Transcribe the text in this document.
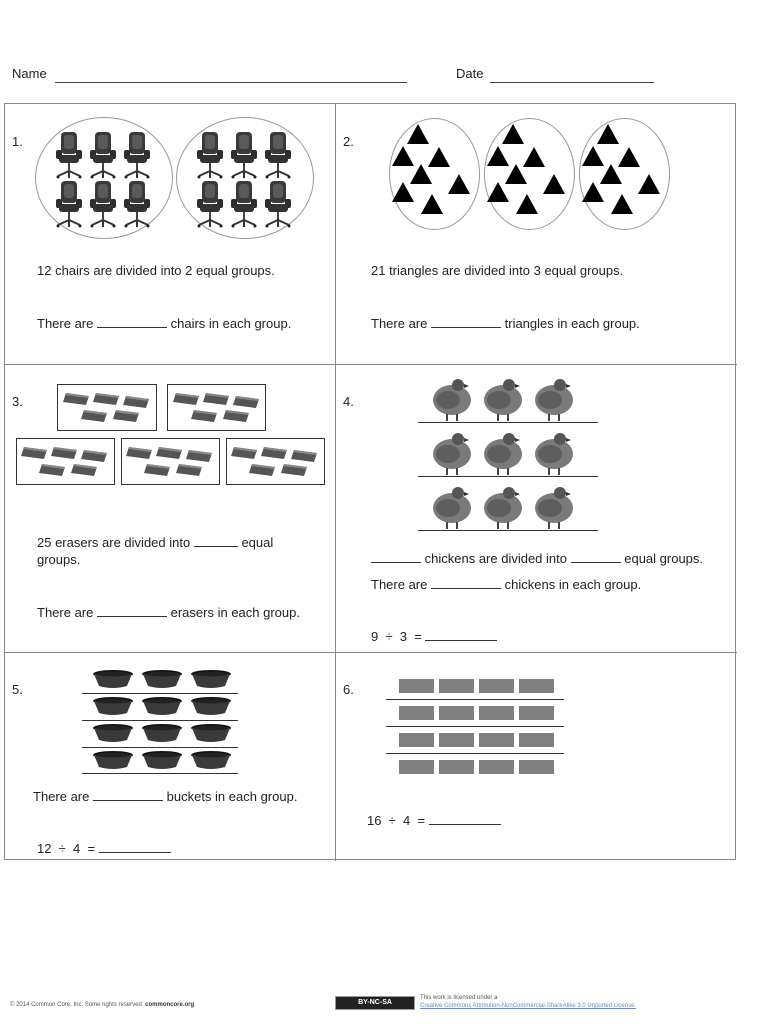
Name	Date
1.
12 chairs are divided into 2 equal groups.
There are	chairs in each group.
2.
21 triangles are divided into 3 equal groups.
There are	triangles in each group.
3.
25 erasers are divided into	equal
groups.
There are	erasers in each group.
4.
chickens are divided into	equal groups.
There are	chickens in each group.
9  ÷  3  =
5.
There are	buckets in each group.
12  ÷  4  =
6.
16  ÷  4  =
© 2014 Common Core, Inc. Some rights reserved. commoncore.org	BY-NC-SA
This work is licensed under a
Creative Commons Attribution-NonCommercial-ShareAlike 3.0 Unported License.
